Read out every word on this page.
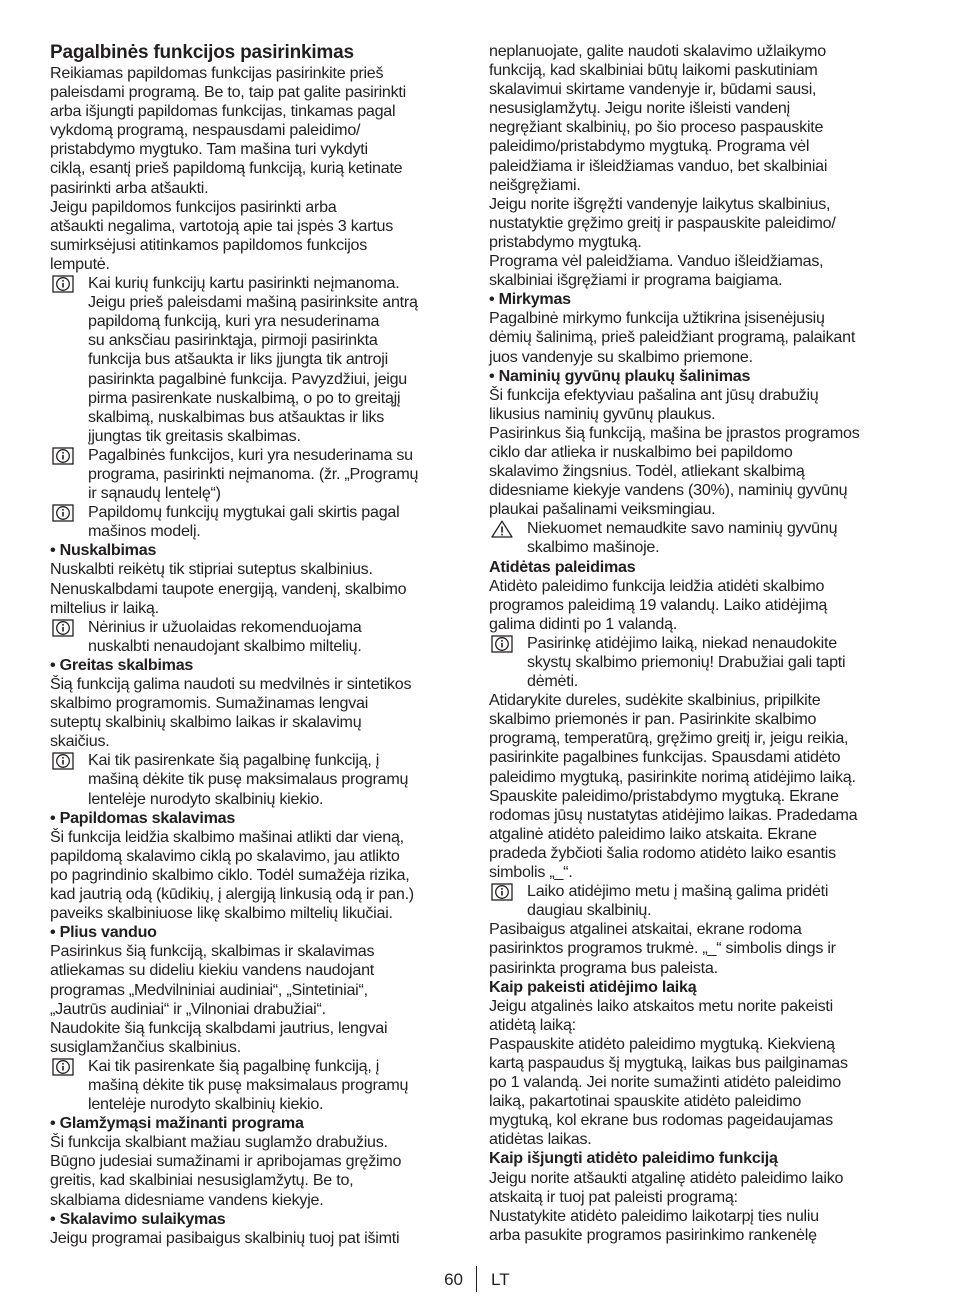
Pagalbinės funkcijos pasirinkimas
Reikiamas papildomas funkcijas pasirinkite prieš
paleisdami programą. Be to, taip pat galite pasirinkti
arba išjungti papildomas funkcijas, tinkamas pagal
vykdomą programą, nespausdami paleidimo/
pristabdymo mygtuko. Tam mašina turi vykdyti
ciklą, esantį prieš papildomą funkciją, kurią ketinate
pasirinkti arba atšaukti.
Jeigu papildomos funkcijos pasirinkti arba
atšaukti negalima, vartotoją apie tai įspės 3 kartus
sumirksėjusi atitinkamos papildomos funkcijos
lemputė.
Kai kurių funkcijų kartu pasirinkti neįmanoma.
Jeigu prieš paleisdami mašiną pasirinksite antrą
papildomą funkciją, kuri yra nesuderinama
su anksčiau pasirinktąja, pirmoji pasirinkta
funkcija bus atšaukta ir liks įjungta tik antroji
pasirinkta pagalbinė funkcija. Pavyzdžiui, jeigu
pirma pasirenkate nuskalbimą, o po to greitąjį
skalbimą, nuskalbimas bus atšauktas ir liks
įjungtas tik greitasis skalbimas.
Pagalbinės funkcijos, kuri yra nesuderinama su
programa, pasirinkti neįmanoma. (žr. „Programų
ir sąnaudų lentelę“)
Papildomų funkcijų mygtukai gali skirtis pagal
mašinos modelį.
• Nuskalbimas
Nuskalbti reikėtų tik stipriai suteptus skalbinius.
Nenuskalbdami taupote energiją, vandenį, skalbimo
miltelius ir laiką.
Nėrinius ir užuolaidas rekomenduojama
nuskalbti nenaudojant skalbimo miltelių.
• Greitas skalbimas
Šią funkciją galima naudoti su medvilnės ir sintetikos
skalbimo programomis. Sumažinamas lengvai
suteptų skalbinių skalbimo laikas ir skalavimų
skaičius.
Kai tik pasirenkate šią pagalbinę funkciją, į
mašiną dėkite tik pusę maksimalaus programų
lentelėje nurodyto skalbinių kiekio.
• Papildomas skalavimas
Ši funkcija leidžia skalbimo mašinai atlikti dar vieną,
papildomą skalavimo ciklą po skalavimo, jau atlikto
po pagrindinio skalbimo ciklo. Todėl sumažėja rizika,
kad jautrią odą (kūdikių, į alergiją linkusią odą ir pan.)
paveiks skalbiniuose likę skalbimo miltelių likučiai.
• Plius vanduo
Pasirinkus šią funkciją, skalbimas ir skalavimas
atliekamas su dideliu kiekiu vandens naudojant
programas „Medvilniniai audiniai“, „Sintetiniai“,
„Jautrūs audiniai“ ir „Vilnoniai drabužiai“.
Naudokite šią funkciją skalbdami jautrius, lengvai
susiglamžančius skalbinius.
Kai tik pasirenkate šią pagalbinę funkciją, į
mašiną dėkite tik pusę maksimalaus programų
lentelėje nurodyto skalbinių kiekio.
• Glamžymąsi mažinanti programa
Ši funkcija skalbiant mažiau suglamžo drabužius.
Būgno judesiai sumažinami ir apribojamas gręžimo
greitis, kad skalbiniai nesusiglamžytų. Be to,
skalbiama didesniame vandens kiekyje.
• Skalavimo sulaikymas
Jeigu programai pasibaigus skalbinių tuoj pat išimti
neplanuojate, galite naudoti skalavimo užlaikymo
funkciją, kad skalbiniai būtų laikomi paskutiniam
skalavimui skirtame vandenyje ir, būdami sausi,
nesusiglamžytų. Jeigu norite išleisti vandenį
negręžiant skalbinių, po šio proceso paspauskite
paleidimo/pristabdymo mygtuką. Programa vėl
paleidžiama ir išleidžiamas vanduo, bet skalbiniai
neišgręžiami.
Jeigu norite išgręžti vandenyje laikytus skalbinius,
nustatyktie gręžimo greitį ir paspauskite paleidimo/
pristabdymo mygtuką.
Programa vėl paleidžiama. Vanduo išleidžiamas,
skalbiniai išgręžiami ir programa baigiama.
• Mirkymas
Pagalbinė mirkymo funkcija užtikrina įsisenėjusių
dėmių šalinimą, prieš paleidžiant programą, palaikant
juos vandenyje su skalbimo priemone.
• Naminių gyvūnų plaukų šalinimas
Ši funkcija efektyviau pašalina ant jūsų drabužių
likusius naminių gyvūnų plaukus.
Pasirinkus šią funkciją, mašina be įprastos programos
ciklo dar atlieka ir nuskalbimo bei papildomo
skalavimo žingsnius. Todėl, atliekant skalbimą
didesniame kiekyje vandens (30%), naminių gyvūnų
plaukai pašalinami veiksmingiau.
Niekuomet nemaudkite savo naminių gyvūnų
skalbimo mašinoje.
Atidėtas paleidimas
Atidėto paleidimo funkcija leidžia atidėti skalbimo
programos paleidimą 19 valandų. Laiko atidėjimą
galima didinti po 1 valandą.
Pasirinkę atidėjimo laiką, niekad nenaudokite
skystų skalbimo priemonių! Drabužiai gali tapti
dėmėti.
Atidarykite dureles, sudėkite skalbinius, pripilkite
skalbimo priemonės ir pan. Pasirinkite skalbimo
programą, temperatūrą, gręžimo greitį ir, jeigu reikia,
pasirinkite pagalbines funkcijas. Spausdami atidėto
paleidimo mygtuką, pasirinkite norimą atidėjimo laiką.
Spauskite paleidimo/pristabdymo mygtuką. Ekrane
rodomas jūsų nustatytas atidėjimo laikas. Pradedama
atgalinė atidėto paleidimo laiko atskaita. Ekrane
pradeda žybčioti šalia rodomo atidėto laiko esantis
simbolis „_“.
Laiko atidėjimo metu į mašiną galima pridėti
daugiau skalbinių.
Pasibaigus atgalinei atskaitai, ekrane rodoma
pasirinktos programos trukmė. „_“ simbolis dings ir
pasirinkta programa bus paleista.
Kaip pakeisti atidėjimo laiką
Jeigu atgalinės laiko atskaitos metu norite pakeisti
atidėtą laiką:
Paspauskite atidėto paleidimo mygtuką. Kiekvieną
kartą paspaudus šį mygtuką, laikas bus pailginamas
po 1 valandą. Jei norite sumažinti atidėto paleidimo
laiką, pakartotinai spauskite atidėto paleidimo
mygtuką, kol ekrane bus rodomas pageidaujamas
atidėtas laikas.
Kaip išjungti atidėto paleidimo funkciją
Jeigu norite atšaukti atgalinę atidėto paleidimo laiko
atskaitą ir tuoj pat paleisti programą:
Nustatykite atidėto paleidimo laikotarpį ties nuliu
arba pasukite programos pasirinkimo rankenėlę
60 LT
